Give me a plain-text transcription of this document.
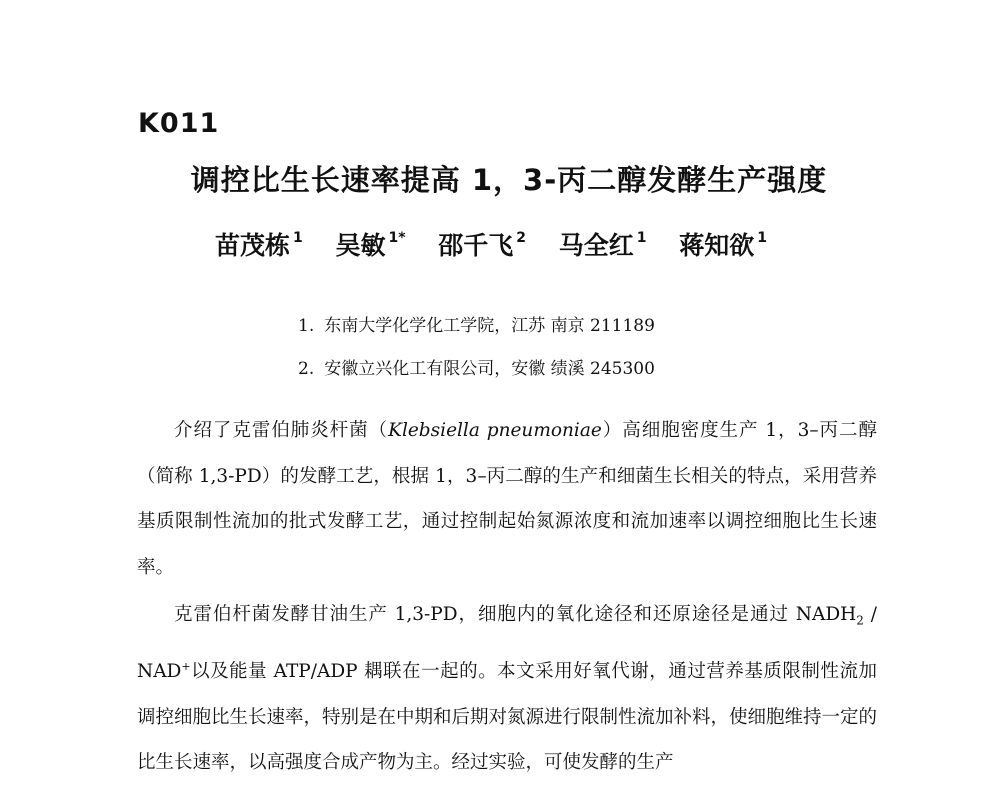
K011
调控比生长速率提高 1，3-丙二醇发酵生产强度
苗茂栋 $^1$ 吴敏 $^{1*}$ 邵千飞 $^2$ 马全红 $^1$ 蒋知欲 $^1$
1. 东南大学化学化工学院，江苏 南京 211189
2. 安徽立兴化工有限公司，安徽 绩溪 245300

介绍了克雷伯肺炎杆菌（Klebsiella pneumoniae）高细胞密度生产 1，3–丙二醇（简称 1,3-PD）的发酵工艺，根据 1，3–丙二醇的生产和细菌生长相关的特点，采用营养基质限制性流加的批式发酵工艺，通过控制起始氮源浓度和流加速率以调控细胞比生长速率。

克雷伯杆菌发酵甘油生产 1,3-PD，细胞内的氧化途径和还原途径是通过 $NADH_2 / NAD^+$以及能量 ATP/ADP 耦联在一起的。本文采用好氧代谢，通过营养基质限制性流加调控细胞比生长速率，特别是在中期和后期对氮源进行限制性流加补料，使细胞维持一定的比生长速率，以高强度合成产物为主。经过实验，可使发酵的生产
